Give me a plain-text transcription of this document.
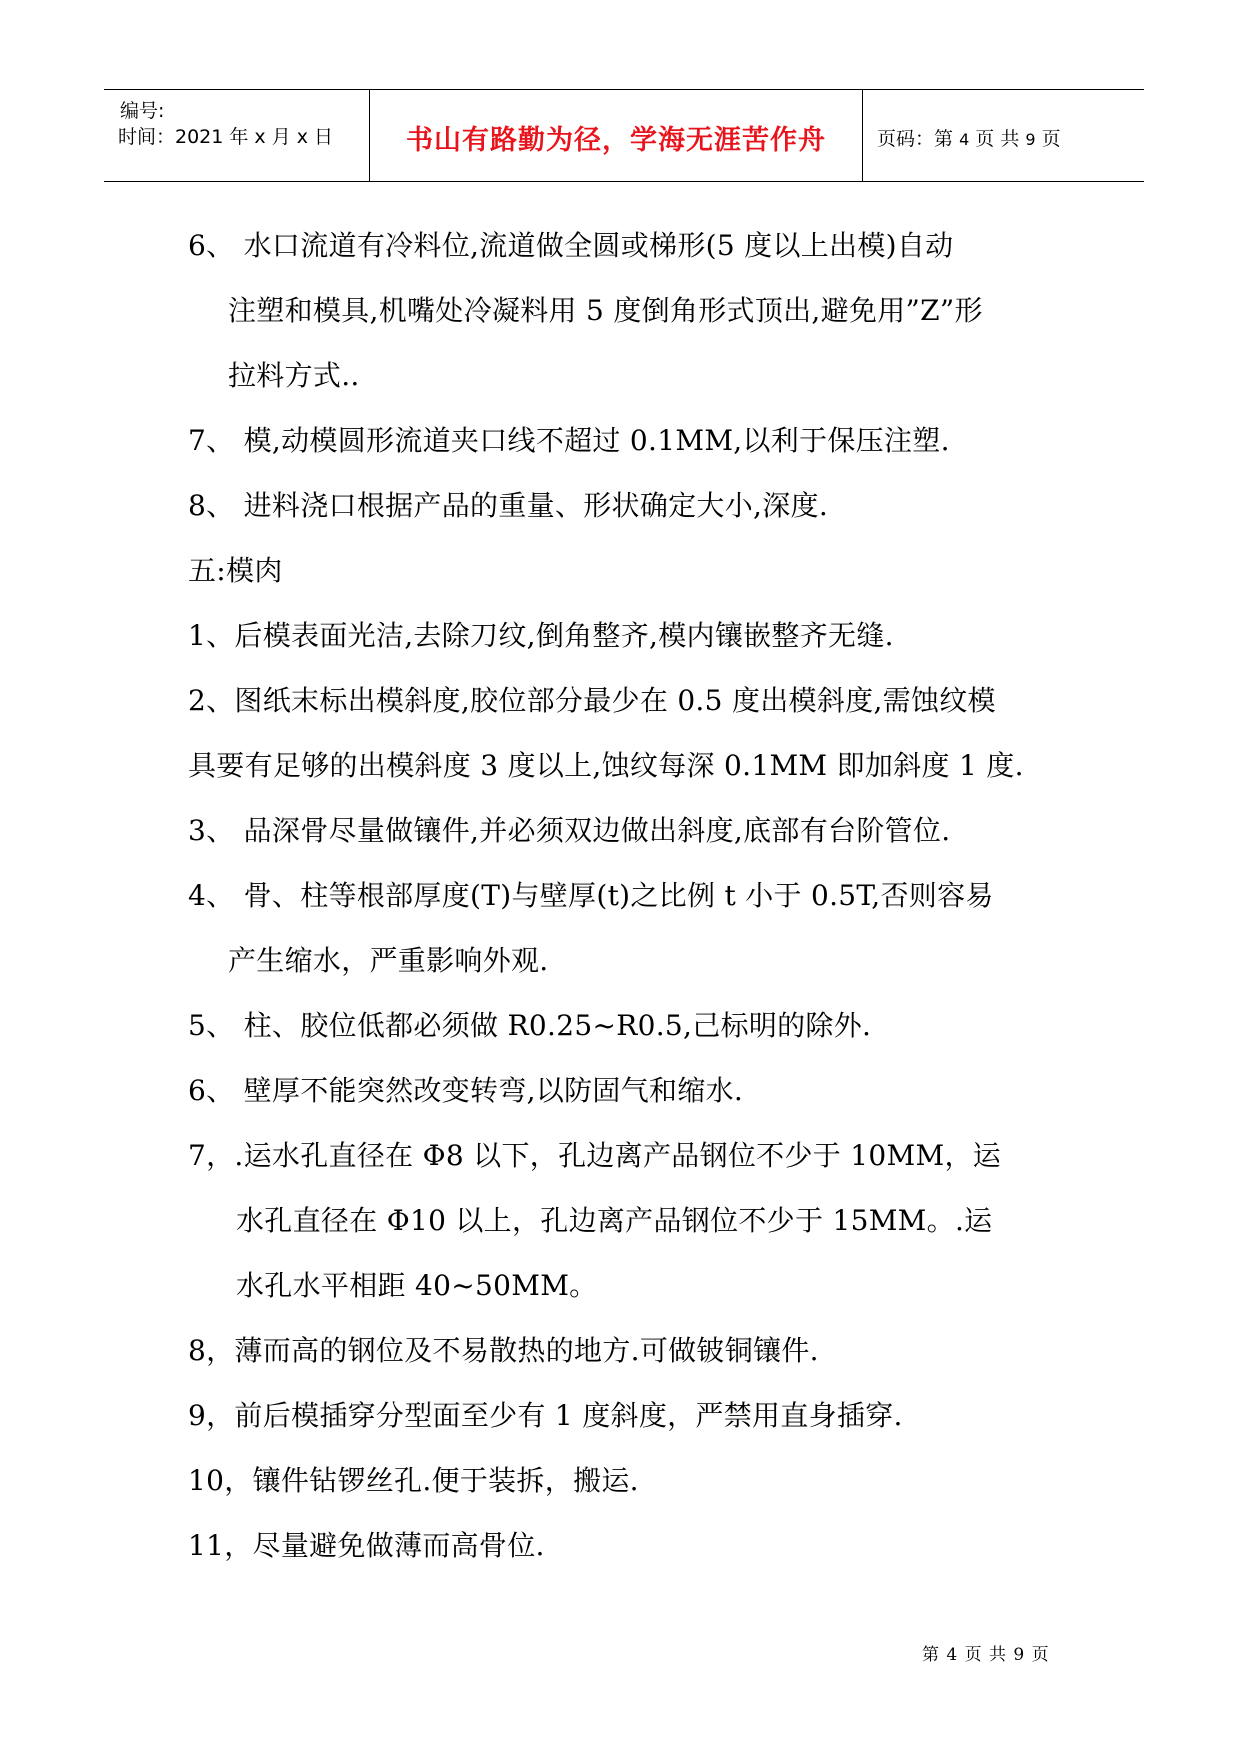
编号:
时间：2021 年 x 月 x 日	书山有路勤为径，学海无涯苦作舟	页码：第 4 页 共 9 页
6、 水口流道有冷料位,流道做全圆或梯形(5 度以上出模)自动
注塑和模具,机嘴处冷凝料用 5 度倒角形式顶出,避免用”Z”形
拉料方式..
7、 模,动模圆形流道夹口线不超过 0.1MM,以利于保压注塑.
8、 进料浇口根据产品的重量、形状确定大小,深度.
五:模肉
1、后模表面光洁,去除刀纹,倒角整齐,模内镶嵌整齐无缝.
2、图纸末标出模斜度,胶位部分最少在 0.5 度出模斜度,需蚀纹模
具要有足够的出模斜度 3 度以上,蚀纹每深 0.1MM 即加斜度 1 度.
3、 品深骨尽量做镶件,并必须双边做出斜度,底部有台阶管位.
4、 骨、柱等根部厚度(T)与壁厚(t)之比例 t 小于 0.5T,否则容易
产生缩水，严重影响外观.
5、 柱、胶位低都必须做 R0.25~R0.5,己标明的除外.
6、 壁厚不能突然改变转弯,以防固气和缩水.
7，.运水孔直径在 Φ8 以下，孔边离产品钢位不少于 10MM，运
水孔直径在 Φ10 以上，孔边离产品钢位不少于 15MM。.运
水孔水平相距 40~50MM。
8，薄而高的钢位及不易散热的地方.可做铍铜镶件.
9，前后模插穿分型面至少有 1 度斜度，严禁用直身插穿.
10，镶件钻锣丝孔.便于装拆，搬运.
11，尽量避免做薄而高骨位.
第 4 页 共 9 页
